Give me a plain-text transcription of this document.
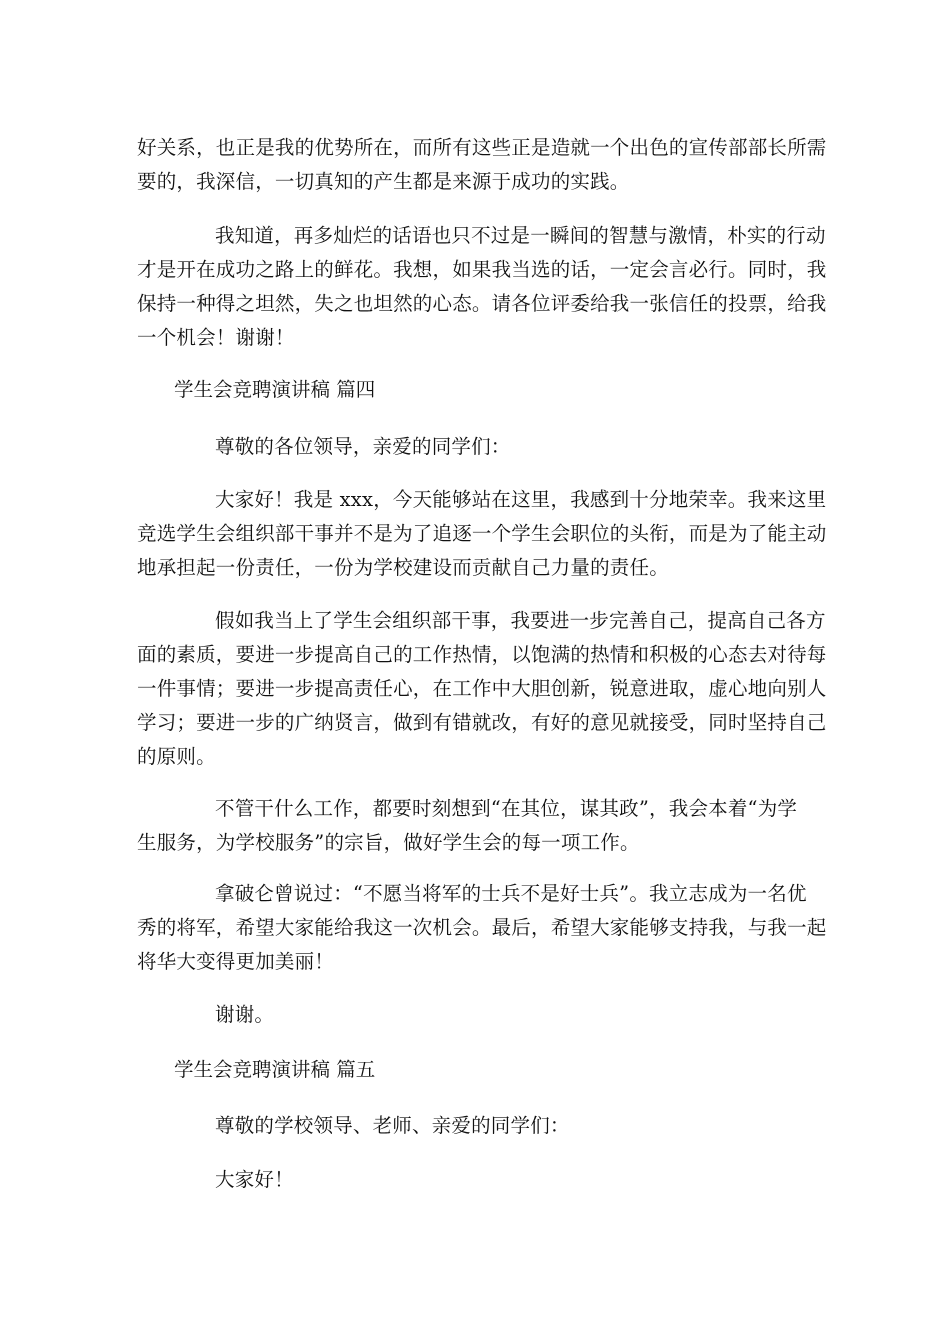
好关系，也正是我的优势所在，而所有这些正是造就一个出色的宣传部部长所需
要的，我深信，一切真知的产生都是来源于成功的实践。
我知道，再多灿烂的话语也只不过是一瞬间的智慧与激情，朴实的行动
才是开在成功之路上的鲜花。我想，如果我当选的话，一定会言必行。同时，我
保持一种得之坦然，失之也坦然的心态。请各位评委给我一张信任的投票，给我
一个机会！谢谢！
学生会竞聘演讲稿 篇四
尊敬的各位领导，亲爱的同学们：
大家好！我是 xxx，今天能够站在这里，我感到十分地荣幸。我来这里
竞选学生会组织部干事并不是为了追逐一个学生会职位的头衔，而是为了能主动
地承担起一份责任，一份为学校建设而贡献自己力量的责任。
假如我当上了学生会组织部干事，我要进一步完善自己，提高自己各方
面的素质，要进一步提高自己的工作热情，以饱满的热情和积极的心态去对待每
一件事情；要进一步提高责任心，在工作中大胆创新，锐意进取，虚心地向别人
学习；要进一步的广纳贤言，做到有错就改，有好的意见就接受，同时坚持自己
的原则。
不管干什么工作，都要时刻想到“在其位，谋其政”，我会本着“为学
生服务，为学校服务”的宗旨，做好学生会的每一项工作。
拿破仑曾说过：“不愿当将军的士兵不是好士兵”。我立志成为一名优
秀的将军，希望大家能给我这一次机会。最后，希望大家能够支持我，与我一起
将华大变得更加美丽！
谢谢。
学生会竞聘演讲稿 篇五
尊敬的学校领导、老师、亲爱的同学们：
大家好！
